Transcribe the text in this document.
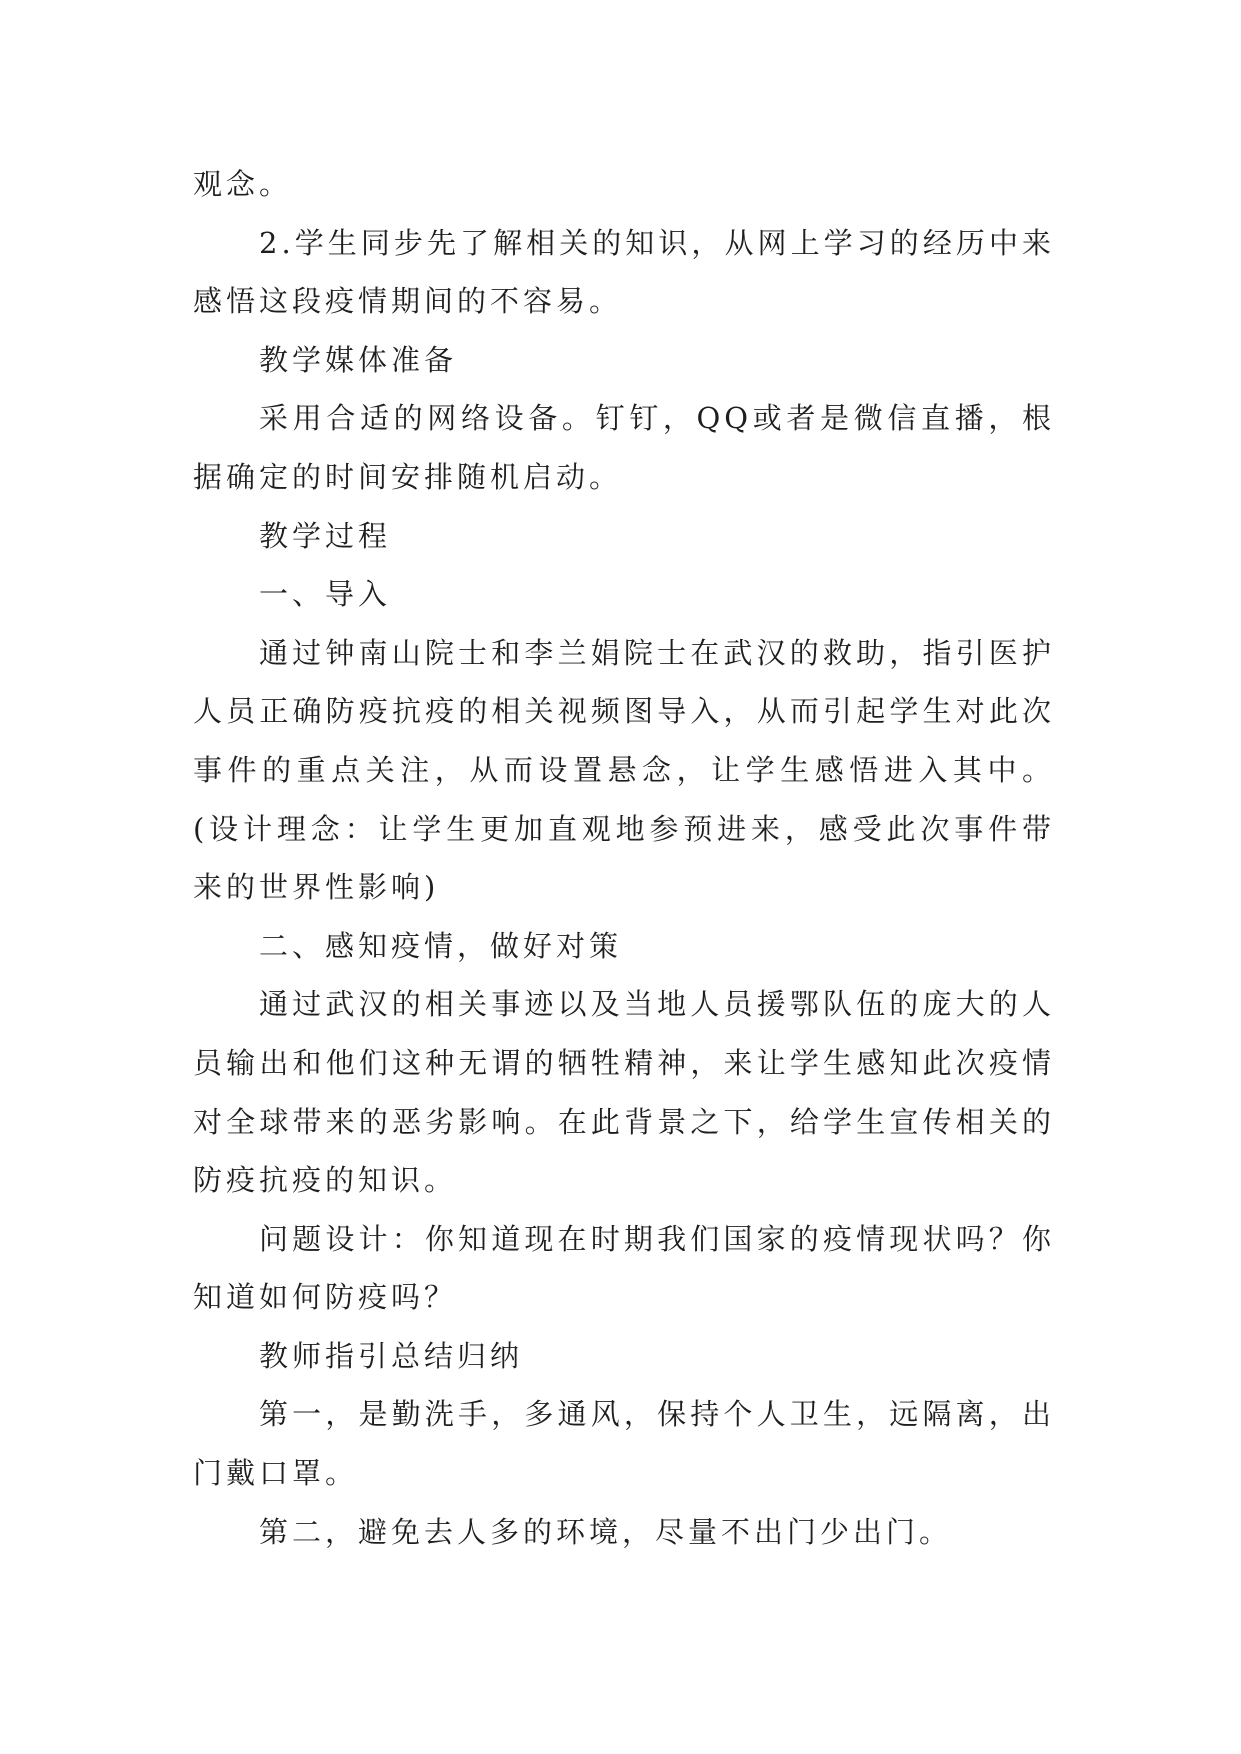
观念。

2.学生同步先了解相关的知识，从网上学习的经历中来感悟这段疫情期间的不容易。

教学媒体准备

采用合适的网络设备。钉钉，QQ或者是微信直播，根据确定的时间安排随机启动。

教学过程

一、导入

通过钟南山院士和李兰娟院士在武汉的救助，指引医护人员正确防疫抗疫的相关视频图导入，从而引起学生对此次事件的重点关注，从而设置悬念，让学生感悟进入其中。(设计理念：让学生更加直观地参预进来，感受此次事件带来的世界性影响)

二、感知疫情，做好对策

通过武汉的相关事迹以及当地人员援鄂队伍的庞大的人员输出和他们这种无谓的牺牲精神，来让学生感知此次疫情对全球带来的恶劣影响。在此背景之下，给学生宣传相关的防疫抗疫的知识。

问题设计：你知道现在时期我们国家的疫情现状吗？你知道如何防疫吗？

教师指引总结归纳

第一，是勤洗手，多通风，保持个人卫生，远隔离，出门戴口罩。

第二，避免去人多的环境，尽量不出门少出门。
